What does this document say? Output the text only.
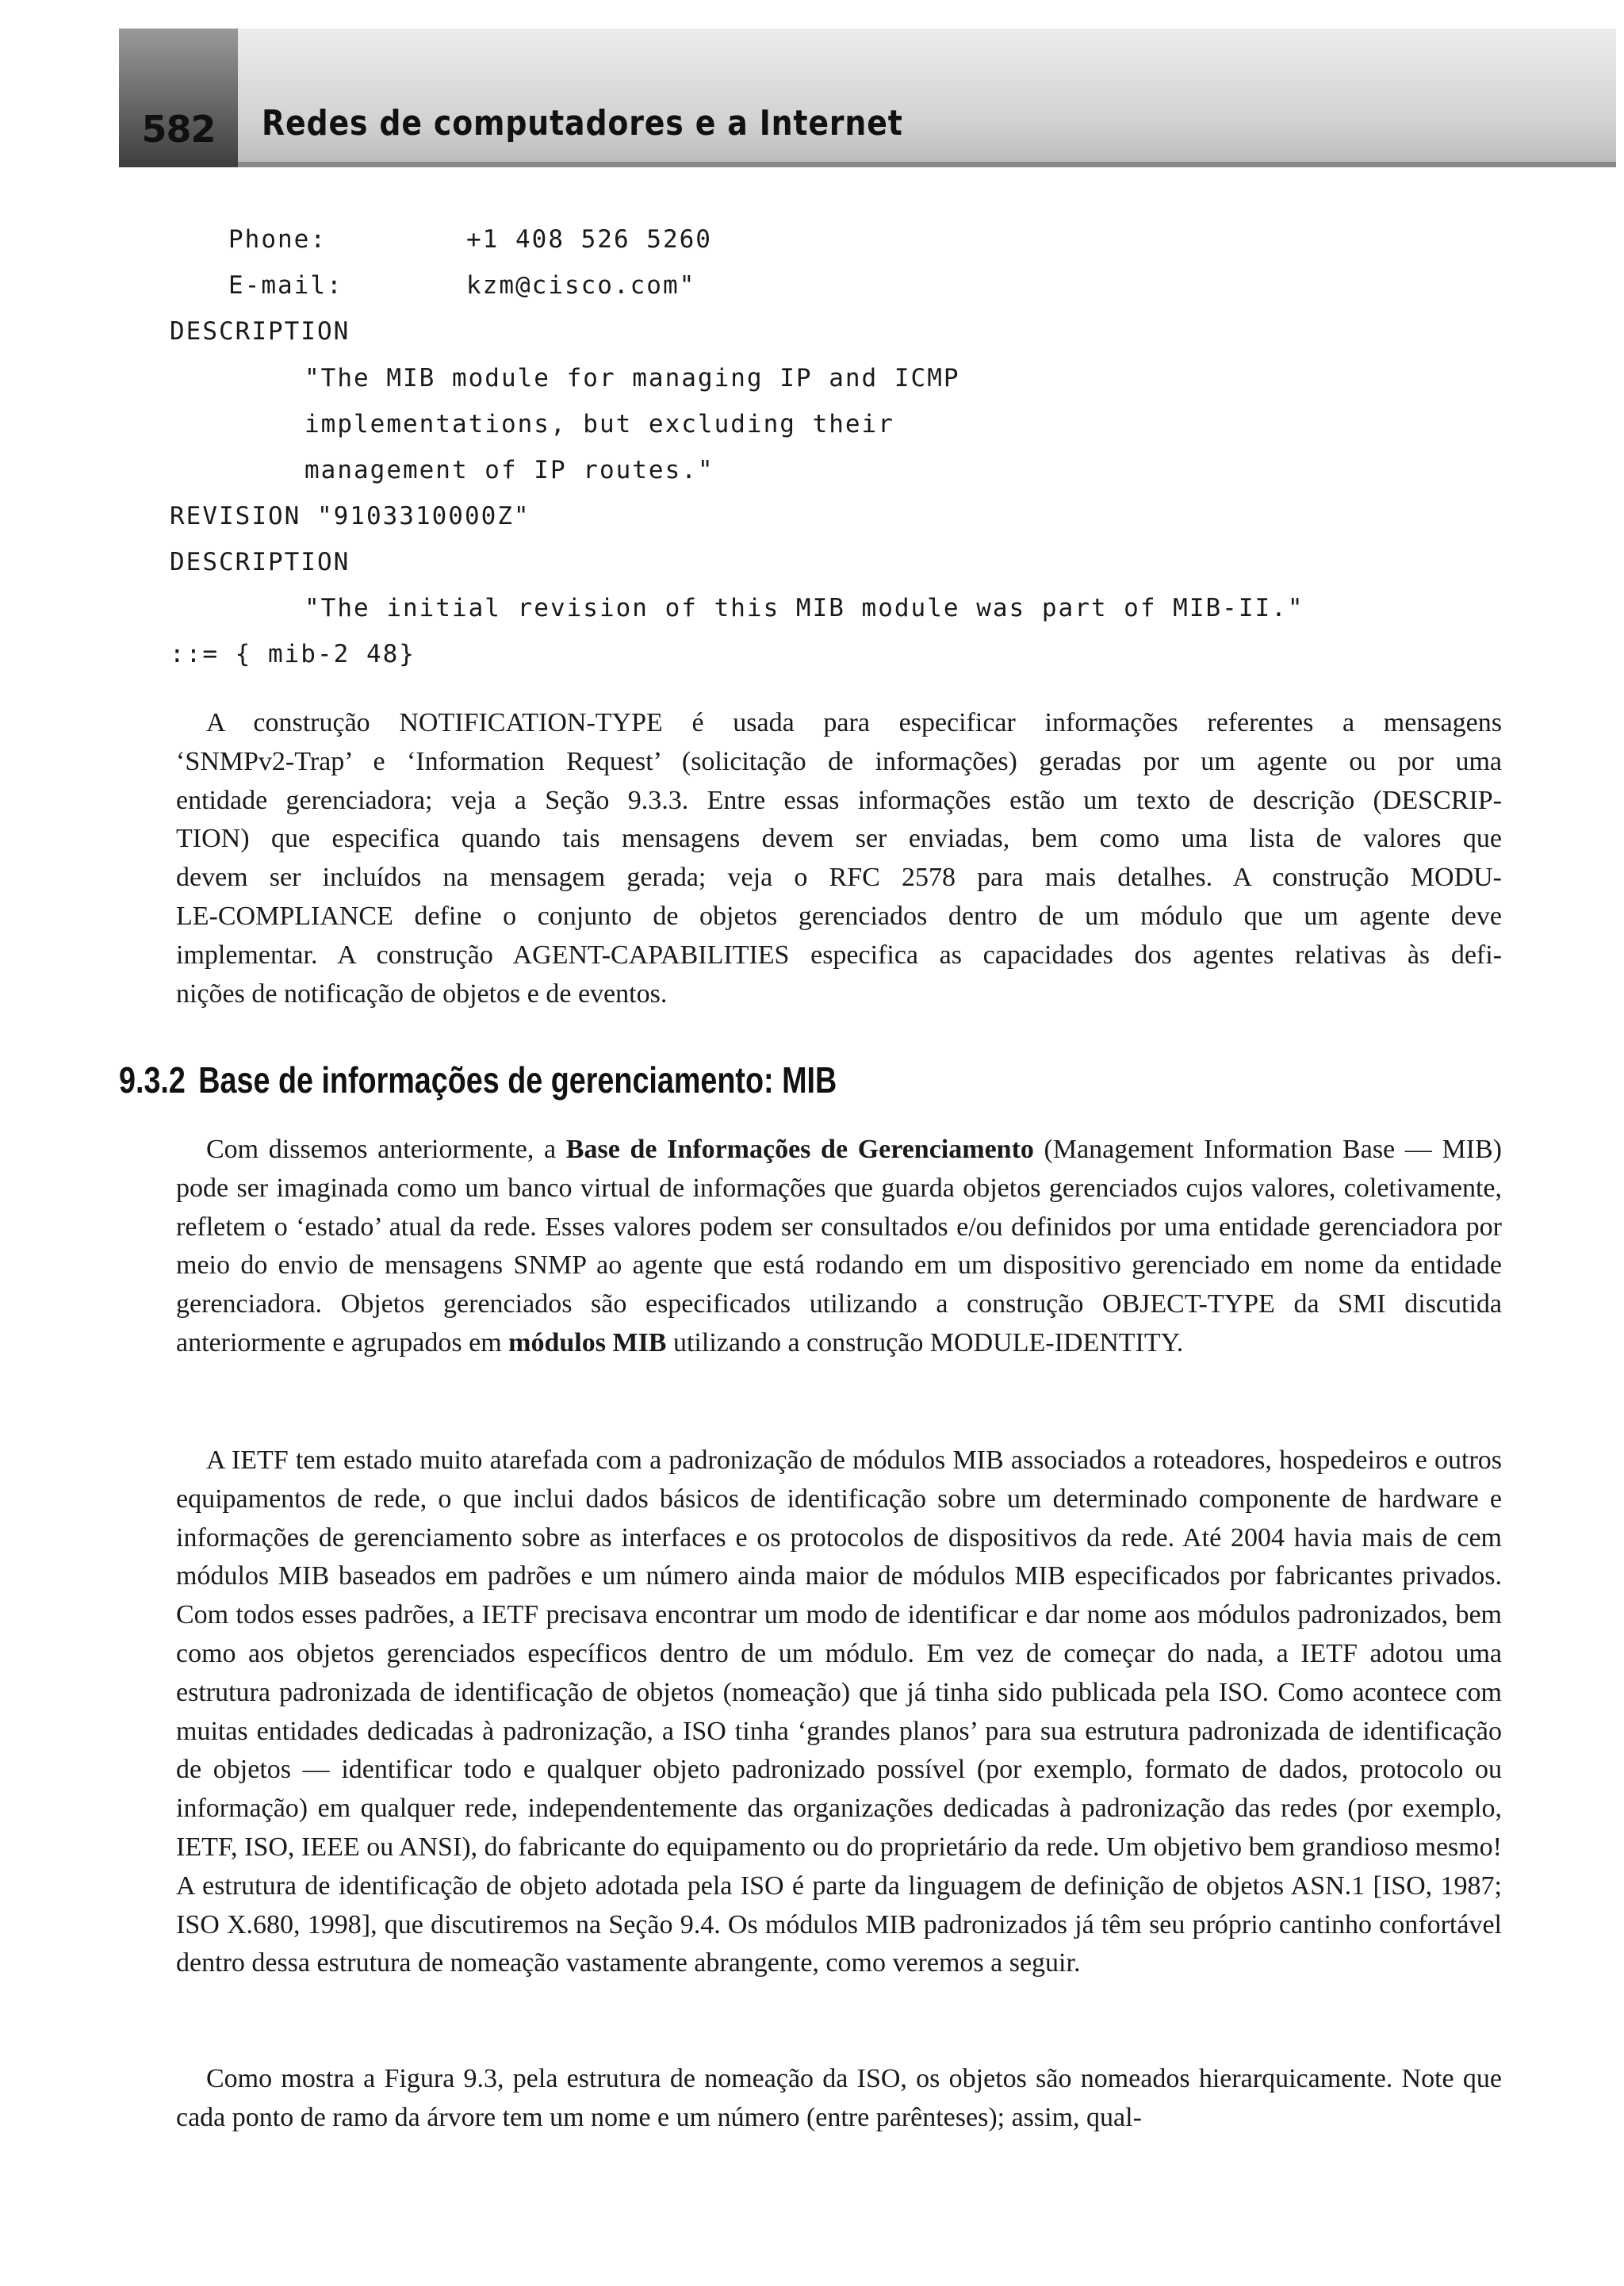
582	Redes de computadores e a Internet
Phone:	+1 408 526 5260
E-mail:	kzm@cisco.com"
DESCRIPTION
"The MIB module for managing IP and ICMP
implementations, but excluding their
management of IP routes."
REVISION "9103310000Z"
DESCRIPTION
"The initial revision of this MIB module was part of MIB-II."
::= { mib-2 48}
A construção NOTIFICATION-TYPE é usada para especificar informações referentes a mensagens
‘SNMPv2-Trap’ e ‘Information Request’ (solicitação de informações) geradas por um agente ou por uma
entidade gerenciadora; veja a Seção 9.3.3. Entre essas informações estão um texto de descrição (DESCRIP-
TION) que especifica quando tais mensagens devem ser enviadas, bem como uma lista de valores que
devem ser incluídos na mensagem gerada; veja o RFC 2578 para mais detalhes. A construção MODU-
LE-COMPLIANCE define o conjunto de objetos gerenciados dentro de um módulo que um agente deve
implementar. A construção AGENT-CAPABILITIES especifica as capacidades dos agentes relativas às defi-
nições de notificação de objetos e de eventos.
9.3.2 Base de informações de gerenciamento: MIB

Com dissemos anteriormente, a Base de Informações de Gerenciamento (Management Information Base — MIB) pode ser imaginada como um banco virtual de informações que guarda objetos gerenciados cujos valores, coletivamente, refletem o ‘estado’ atual da rede. Esses valores podem ser consultados e/ou definidos por uma entidade gerenciadora por meio do envio de mensagens SNMP ao agente que está rodando em um dispositivo gerenciado em nome da entidade gerenciadora. Objetos gerenciados são especificados utilizando a construção OBJECT-TYPE da SMI discutida anteriormente e agrupados em módulos MIB utilizando a construção MODULE-IDENTITY.

A IETF tem estado muito atarefada com a padronização de módulos MIB associados a roteadores, hospedeiros e outros equipamentos de rede, o que inclui dados básicos de identificação sobre um determinado componente de hardware e informações de gerenciamento sobre as interfaces e os protocolos de dispositivos da rede. Até 2004 havia mais de cem módulos MIB baseados em padrões e um número ainda maior de módulos MIB especificados por fabricantes privados. Com todos esses padrões, a IETF precisava encontrar um modo de identificar e dar nome aos módulos padronizados, bem como aos objetos gerenciados específicos dentro de um módulo. Em vez de começar do nada, a IETF adotou uma estrutura padronizada de identificação de objetos (nomeação) que já tinha sido publicada pela ISO. Como acontece com muitas entidades dedicadas à padronização, a ISO tinha ‘grandes planos’ para sua estrutura padronizada de identificação de objetos — identificar todo e qualquer objeto padronizado possível (por exemplo, formato de dados, protocolo ou informação) em qualquer rede, independentemente das organizações dedicadas à padronização das redes (por exemplo, IETF, ISO, IEEE ou ANSI), do fabricante do equipamento ou do proprietário da rede. Um objetivo bem grandioso mesmo! A estrutura de identificação de objeto adotada pela ISO é parte da linguagem de definição de objetos ASN.1 [ISO, 1987; ISO X.680, 1998], que discutiremos na Seção 9.4. Os módulos MIB padronizados já têm seu próprio cantinho confortável dentro dessa estrutura de nomeação vastamente abrangente, como veremos a seguir.

Como mostra a Figura 9.3, pela estrutura de nomeação da ISO, os objetos são nomeados hierarquicamente. Note que cada ponto de ramo da árvore tem um nome e um número (entre parênteses); assim, qual-
